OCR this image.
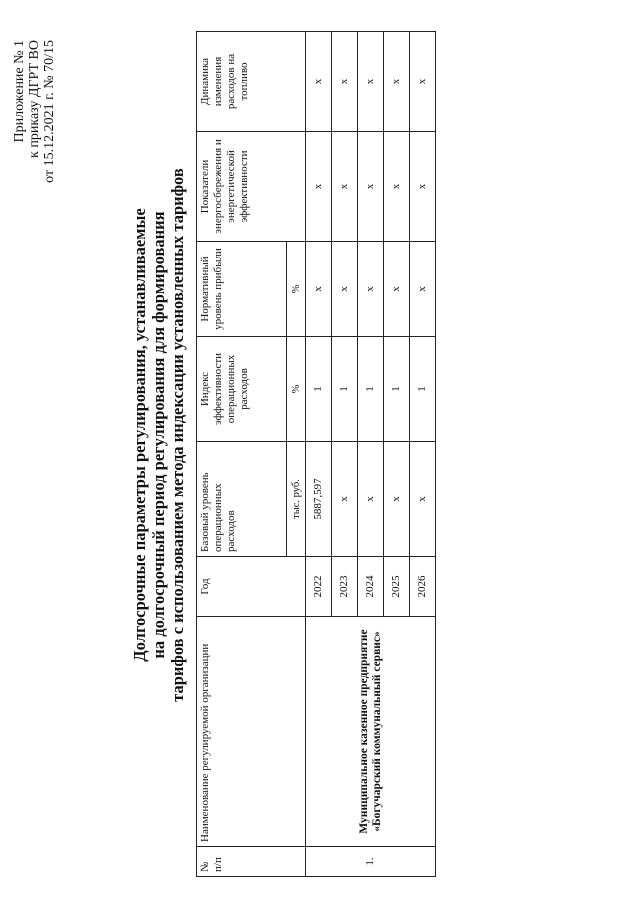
Приложение № 1 к приказу ДГРТ ВО от 15.12.2021 г. № 70/15
Долгосрочные параметры регулирования, устанавливаемые на долгосрочный период регулирования для формирования тарифов с использованием метода индексации установленных тарифов
№ п/п	Наименование регулируемой организации	Год	Базовый уровень операционных расходов	Индекс эффективности операционных расходов	Нормативный уровень прибыли	Показатели энергосбережения и энергетической эффективности	Динамика изменения расходов на топливо
			тыс. руб.	%	%		
1.	Муниципальное казенное предприятие «Богучарский коммунальный сервис»	2022	5887,597	1	х	х	х
		2023	х	1	х	х	х
		2024	х	1	х	х	х
		2025	х	1	х	х	х
		2026	х	1	х	х	х
